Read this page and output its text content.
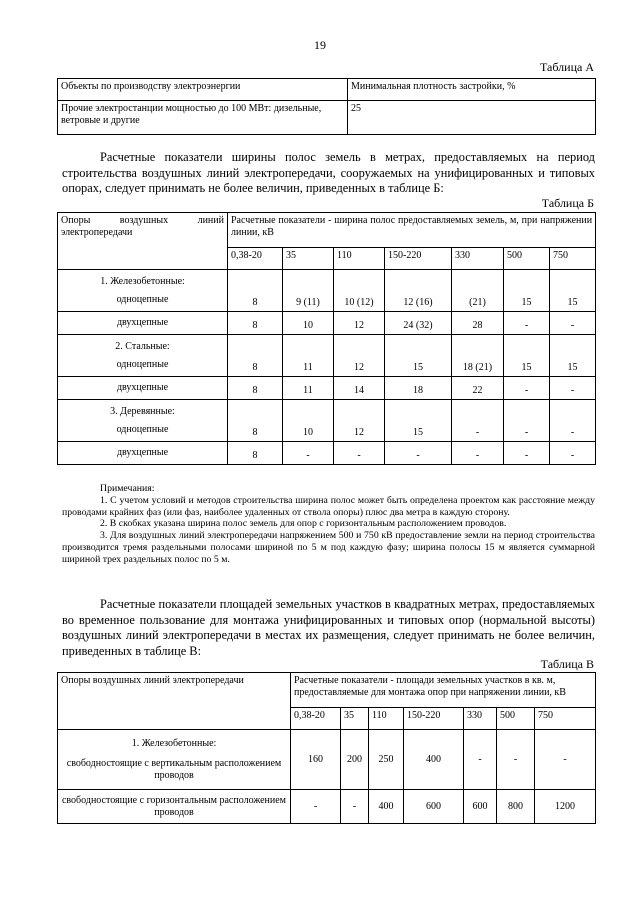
19
Таблица А
Объекты по производству электроэнергии	Минимальная плотность застройки, %
Прочие электростанции мощностью до 100 МВт: дизельные, ветровые и другие	25

Расчетные показатели ширины полос земель в метрах, предоставляемых на период строительства воздушных линий электропередачи, сооружаемых на унифицированных и типовых опорах, следует принимать не более величин, приведенных в таблице Б:

Таблица Б
Опоры воздушных линий электропередачи	Расчетные показатели - ширина полос предоставляемых земель, м, при напряжении линии, кВ						
	0,38-20	35	110	150-220	330	500	750
1. Железобетонные:							
одноцепные	8	9 (11)	10 (12)	12 (16)	(21)	15	15
двухцепные	8	10	12	24 (32)	28	-	-
2. Стальные:							
одноцепные	8	11	12	15	18 (21)	15	15
двухцепные	8	11	14	18	22	-	-
3. Деревянные:							
одноцепные	8	10	12	15	-	-	-
двухцепные	8	-	-	-	-	-	-

Примечания:

1. С учетом условий и методов строительства ширина полос может быть определена проектом как расстояние между проводами крайних фаз (или фаз, наиболее удаленных от ствола опоры) плюс два метра в каждую сторону.

2. В скобках указана ширина полос земель для опор с горизонтальным расположением проводов.

3. Для воздушных линий электропередачи напряжением 500 и 750 кВ предоставление земли на период строительства производится тремя раздельными полосами шириной по 5 м под каждую фазу; ширина полосы 15 м является суммарной шириной трех раздельных полос по 5 м.

Расчетные показатели площадей земельных участков в квадратных метрах, предоставляемых во временное пользование для монтажа унифицированных и типовых опор (нормальной высоты) воздушных линий электропередачи в местах их размещения, следует принимать не более величин, приведенных в таблице В:

Таблица В
Опоры воздушных линий электропередачи	Расчетные показатели - площади земельных участков в кв. м, предоставляемые для монтажа опор при напряжении линии, кВ						
	0,38-20	35	110	150-220	330	500	750

1. Железобетонные:
свободностоящие с вертикальным расположением проводов	160	200	250	400	-	-	-
свободностоящие с горизонтальным расположением проводов	-	-	400	600	600	800	1200
